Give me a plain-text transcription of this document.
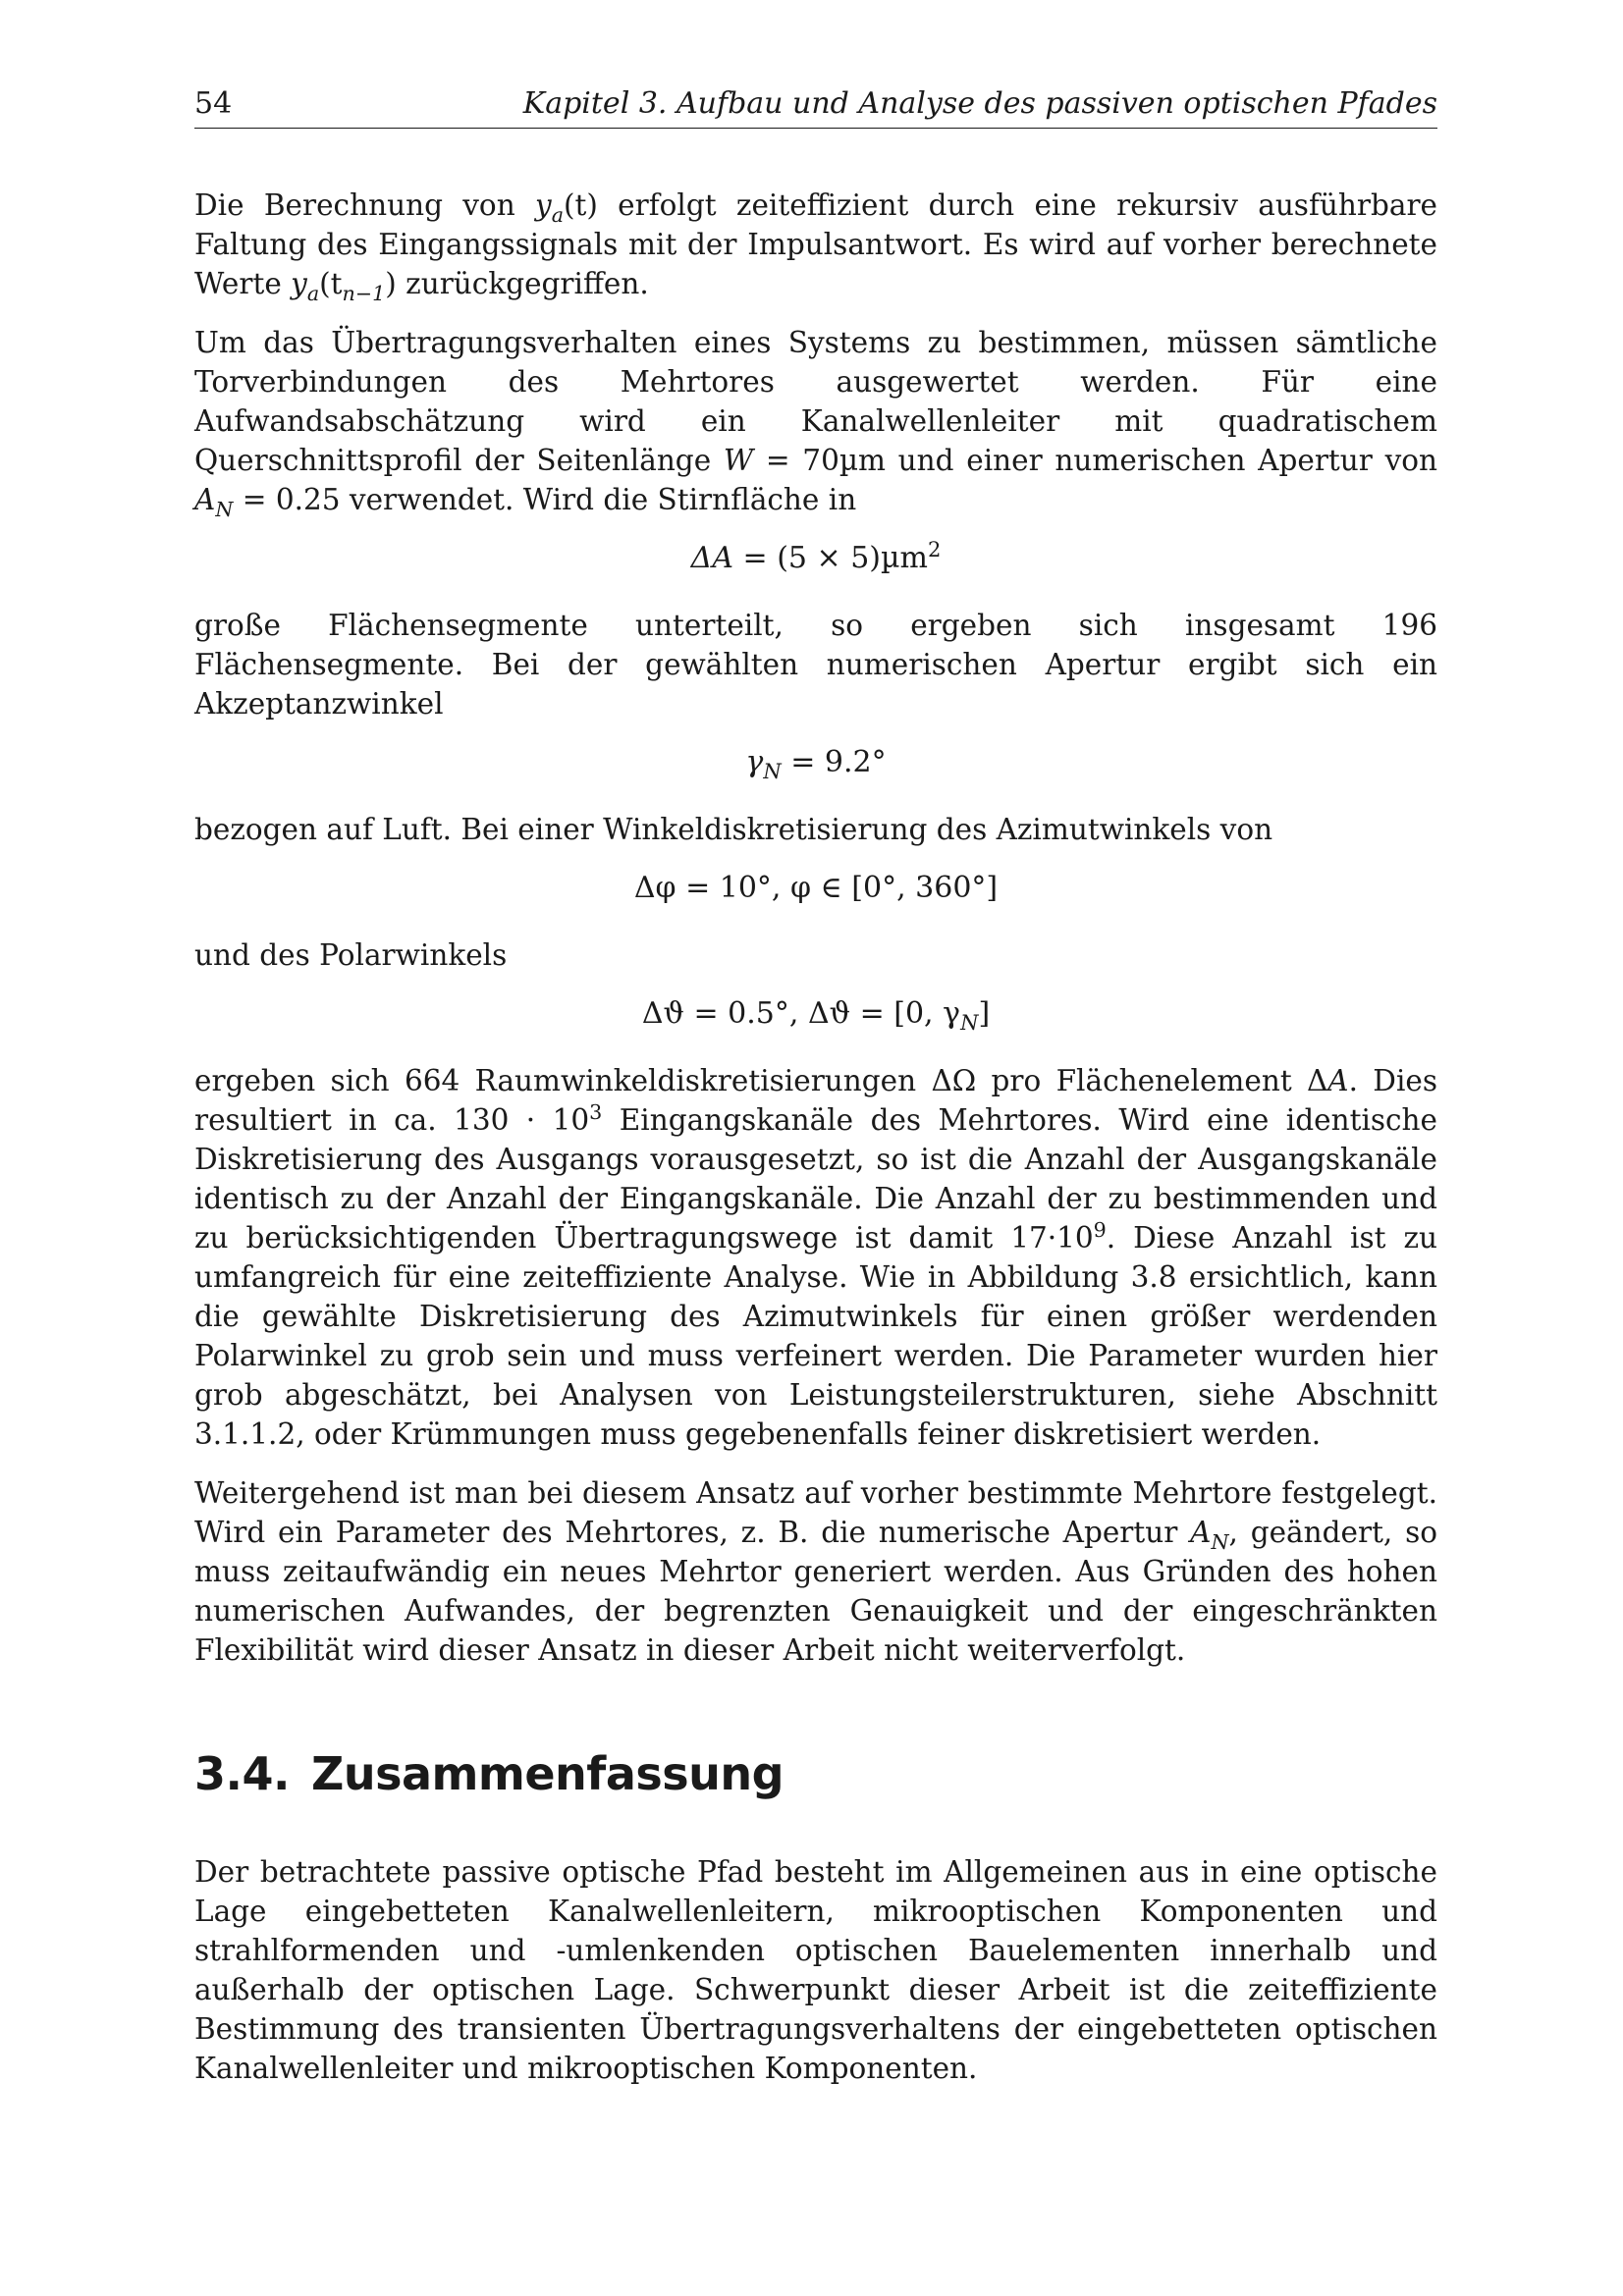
54	Kapitel 3. Aufbau und Analyse des passiven optischen Pfades

Die Berechnung von $y_a(t)$ erfolgt zeiteffizient durch eine rekursiv ausführbare Faltung des Eingangssignals mit der Impulsantwort. Es wird auf vorher berechnete Werte $y_a(t_{n-1})$ zurückgegriffen.

Um das Übertragungsverhalten eines Systems zu bestimmen, müssen sämtliche Torverbindungen des Mehrtores ausgewertet werden. Für eine Aufwandsabschätzung wird ein Kanalwellenleiter mit quadratischem Querschnittsprofil der Seitenlänge W = 70µm und einer numerischen Apertur von $A_N = 0.25$ verwendet. Wird die Stirnfläche in

ΔA = (5 × 5)µm$^2$

große Flächensegmente unterteilt, so ergeben sich insgesamt 196 Flächensegmente. Bei der gewählten numerischen Apertur ergibt sich ein Akzeptanzwinkel

$\gamma_N = 9.2^\circ$

bezogen auf Luft. Bei einer Winkeldiskretisierung des Azimutwinkels von

Δφ = 10°, φ ∈ [0°, 360°]

und des Polarwinkels

Δϑ = 0.5°, Δϑ = [0, $\gamma_N$]

ergeben sich 664 Raumwinkeldiskretisierungen ΔΩ pro Flächenelement ΔA. Dies resultiert in ca. $130 \cdot 10^3$ Eingangskanäle des Mehrtores. Wird eine identische Diskretisierung des Ausgangs vorausgesetzt, so ist die Anzahl der Ausgangskanäle identisch zu der Anzahl der Eingangskanäle. Die Anzahl der zu bestimmenden und zu berücksichtigenden Übertragungswege ist damit $17\cdot 10^9$. Diese Anzahl ist zu umfangreich für eine zeiteffiziente Analyse. Wie in Abbildung 3.8 ersichtlich, kann die gewählte Diskretisierung des Azimutwinkels für einen größer werdenden Polarwinkel zu grob sein und muss verfeinert werden. Die Parameter wurden hier grob abgeschätzt, bei Analysen von Leistungsteilerstrukturen, siehe Abschnitt 3.1.1.2, oder Krümmungen muss gegebenenfalls feiner diskretisiert werden.

Weitergehend ist man bei diesem Ansatz auf vorher bestimmte Mehrtore festgelegt. Wird ein Parameter des Mehrtores, z. B. die numerische Apertur $A_N$, geändert, so muss zeitaufwändig ein neues Mehrtor generiert werden. Aus Gründen des hohen numerischen Aufwandes, der begrenzten Genauigkeit und der eingeschränkten Flexibilität wird dieser Ansatz in dieser Arbeit nicht weiterverfolgt.

3.4. Zusammenfassung

Der betrachtete passive optische Pfad besteht im Allgemeinen aus in eine optische Lage eingebetteten Kanalwellenleitern, mikrooptischen Komponenten und strahlformenden und -umlenkenden optischen Bauelementen innerhalb und außerhalb der optischen Lage. Schwerpunkt dieser Arbeit ist die zeiteffiziente Bestimmung des transienten Übertragungsverhaltens der eingebetteten optischen Kanalwellenleiter und mikrooptischen Komponenten.
